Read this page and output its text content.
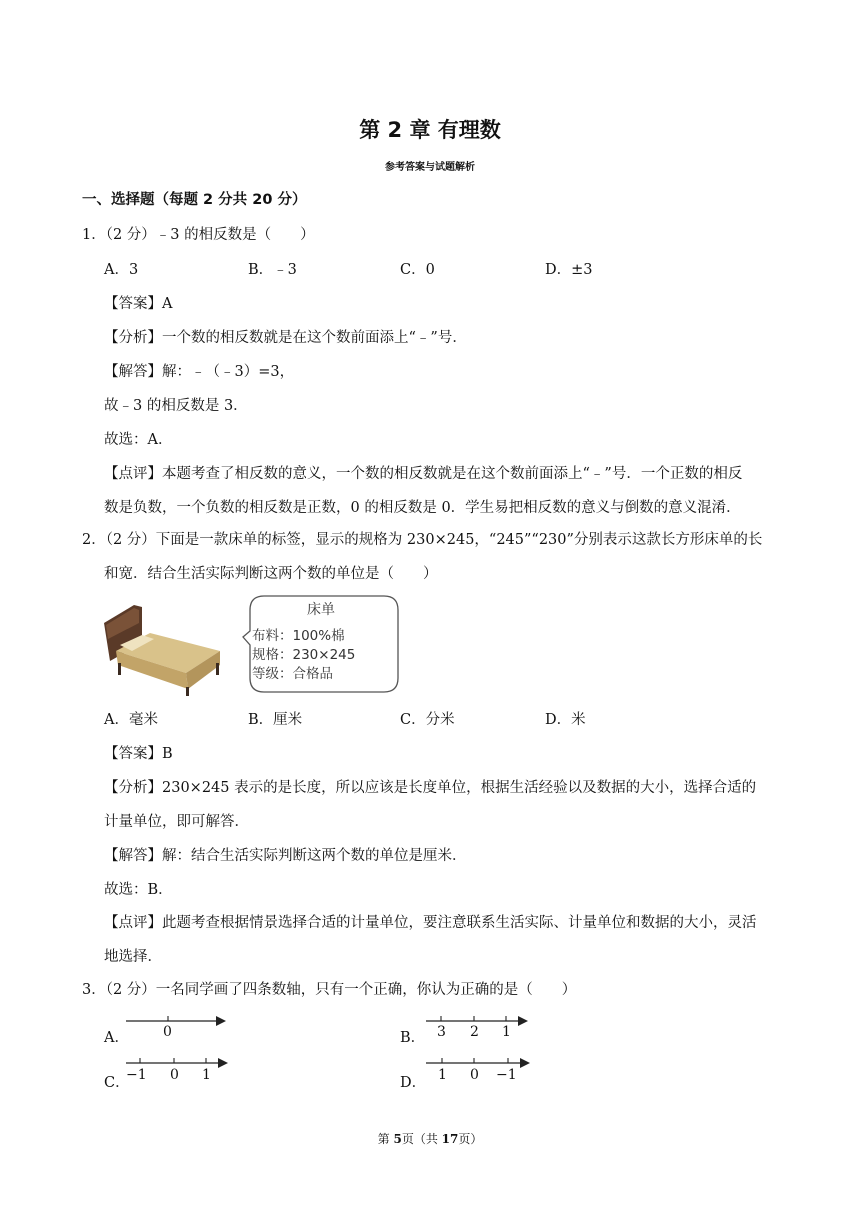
第 2 章 有理数
参考答案与试题解析
一、选择题（每题 2 分共 20 分）
1．（2 分）﹣3 的相反数是（　　）
A．3	B．﹣3	C．0	D．±3
【答案】A
【分析】一个数的相反数就是在这个数前面添上“﹣”号．
【解答】解：﹣（﹣3）=3，
故﹣3 的相反数是 3．
故选：A．
【点评】本题考查了相反数的意义，一个数的相反数就是在这个数前面添上“﹣”号．一个正数的相反
数是负数，一个负数的相反数是正数，0 的相反数是 0．学生易把相反数的意义与倒数的意义混淆．
2．（2 分）下面是一款床单的标签，显示的规格为 230×245，“245”“230”分别表示这款长方形床单的长
和宽．结合生活实际判断这两个数的单位是（　　）
床单
布料：100%棉
规格：230×245
等级：合格品
A．毫米	B．厘米	C．分米	D．米
【答案】B
【分析】230×245 表示的是长度，所以应该是长度单位，根据生活经验以及数据的大小，选择合适的
计量单位，即可解答．
【解答】解：结合生活实际判断这两个数的单位是厘米．
故选：B．
【点评】此题考查根据情景选择合适的计量单位，要注意联系生活实际、计量单位和数据的大小，灵活
地选择．
3．（2 分）一名同学画了四条数轴，只有一个正确，你认为正确的是（　　）
A． 0	B． 3 2 1
C．
−1 0 1	D． 1 0 −1
第 5页（共 17页）
